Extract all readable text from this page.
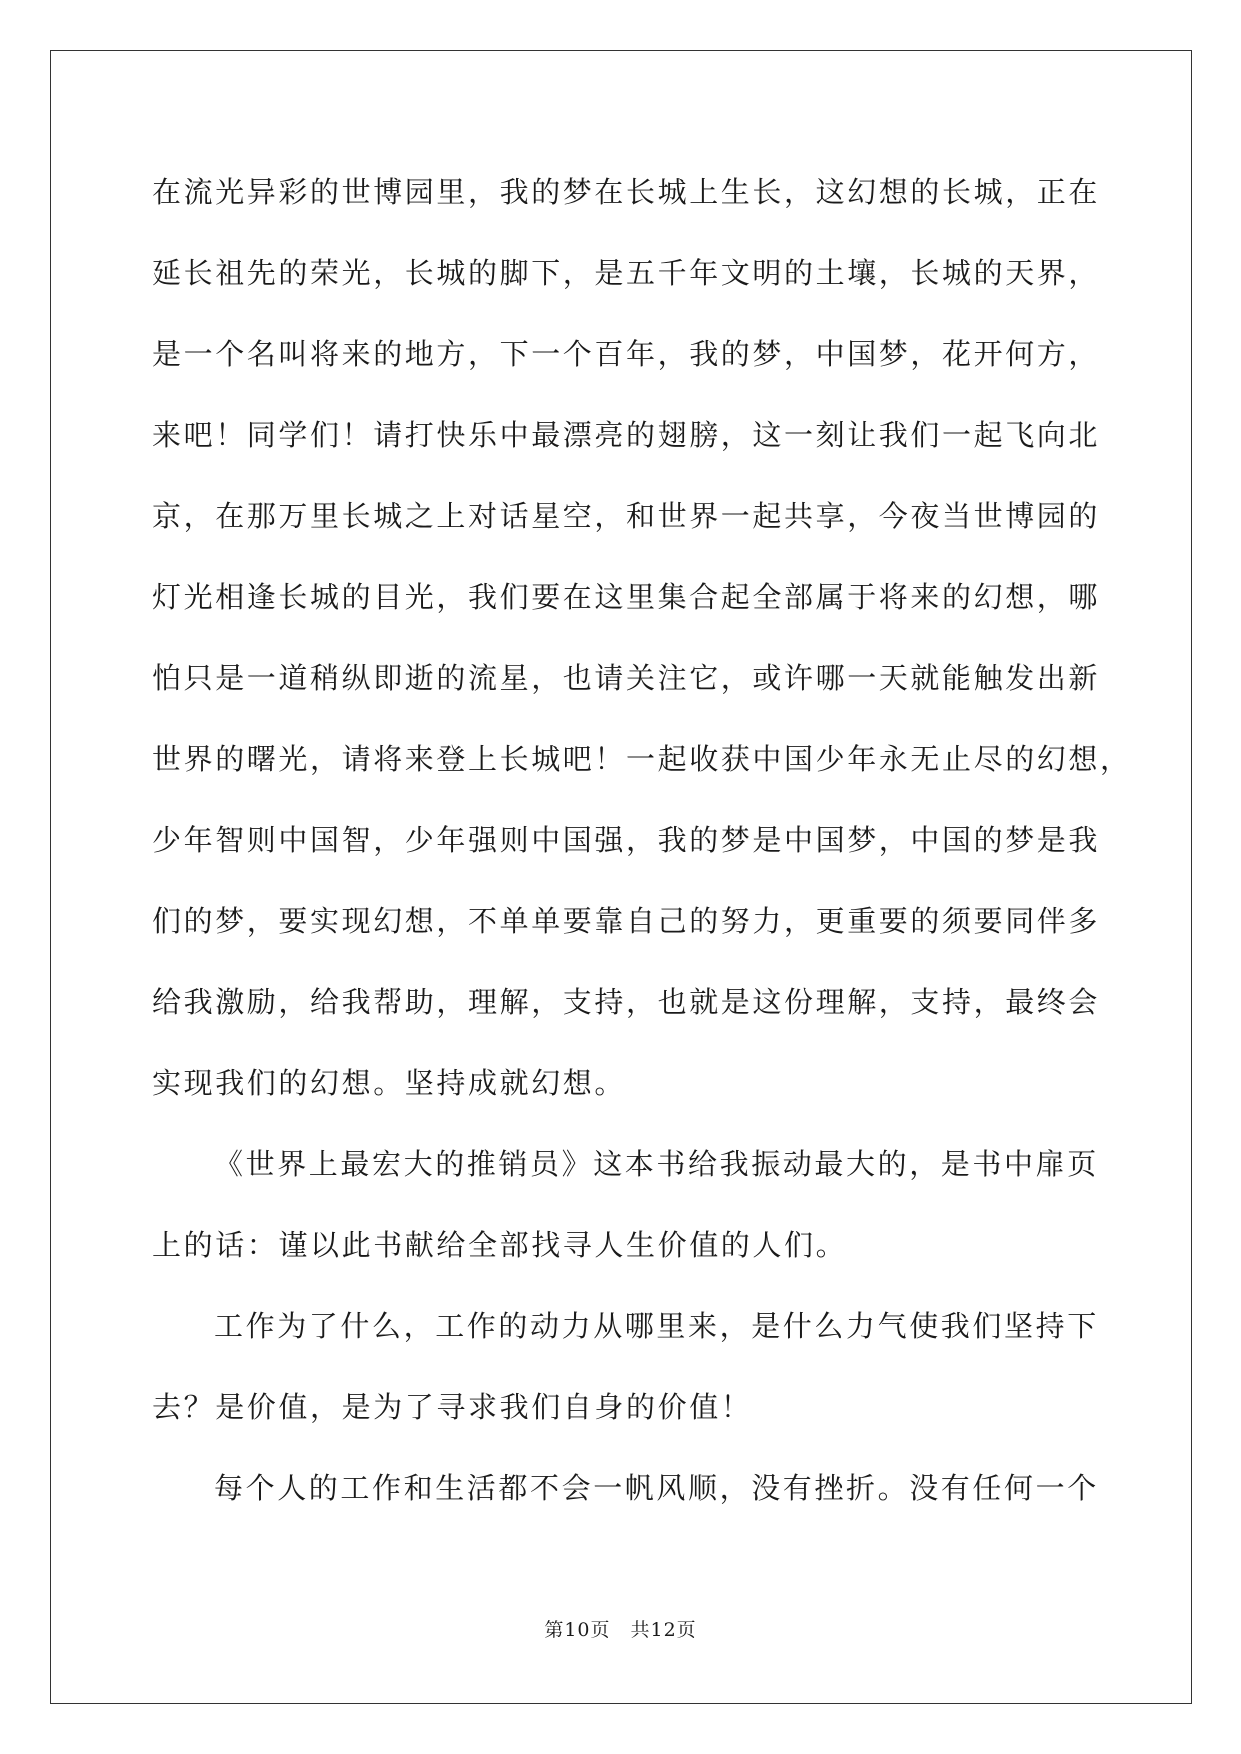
在流光异彩的世博园里，我的梦在长城上生长，这幻想的长城，正在
延长祖先的荣光，长城的脚下，是五千年文明的土壤，长城的天界，
是一个名叫将来的地方，下一个百年，我的梦，中国梦，花开何方，
来吧！同学们！请打快乐中最漂亮的翅膀，这一刻让我们一起飞向北
京，在那万里长城之上对话星空，和世界一起共享，今夜当世博园的
灯光相逢长城的目光，我们要在这里集合起全部属于将来的幻想，哪
怕只是一道稍纵即逝的流星，也请关注它，或许哪一天就能触发出新
世界的曙光，请将来登上长城吧！一起收获中国少年永无止尽的幻想，
少年智则中国智，少年强则中国强，我的梦是中国梦，中国的梦是我
们的梦，要实现幻想，不单单要靠自己的努力，更重要的须要同伴多
给我激励，给我帮助，理解，支持，也就是这份理解，支持，最终会
实现我们的幻想。坚持成就幻想。
《世界上最宏大的推销员》这本书给我振动最大的，是书中扉页
上的话：谨以此书献给全部找寻人生价值的人们。
工作为了什么，工作的动力从哪里来，是什么力气使我们坚持下
去？是价值，是为了寻求我们自身的价值！
每个人的工作和生活都不会一帆风顺，没有挫折。没有任何一个
第10页　共12页
